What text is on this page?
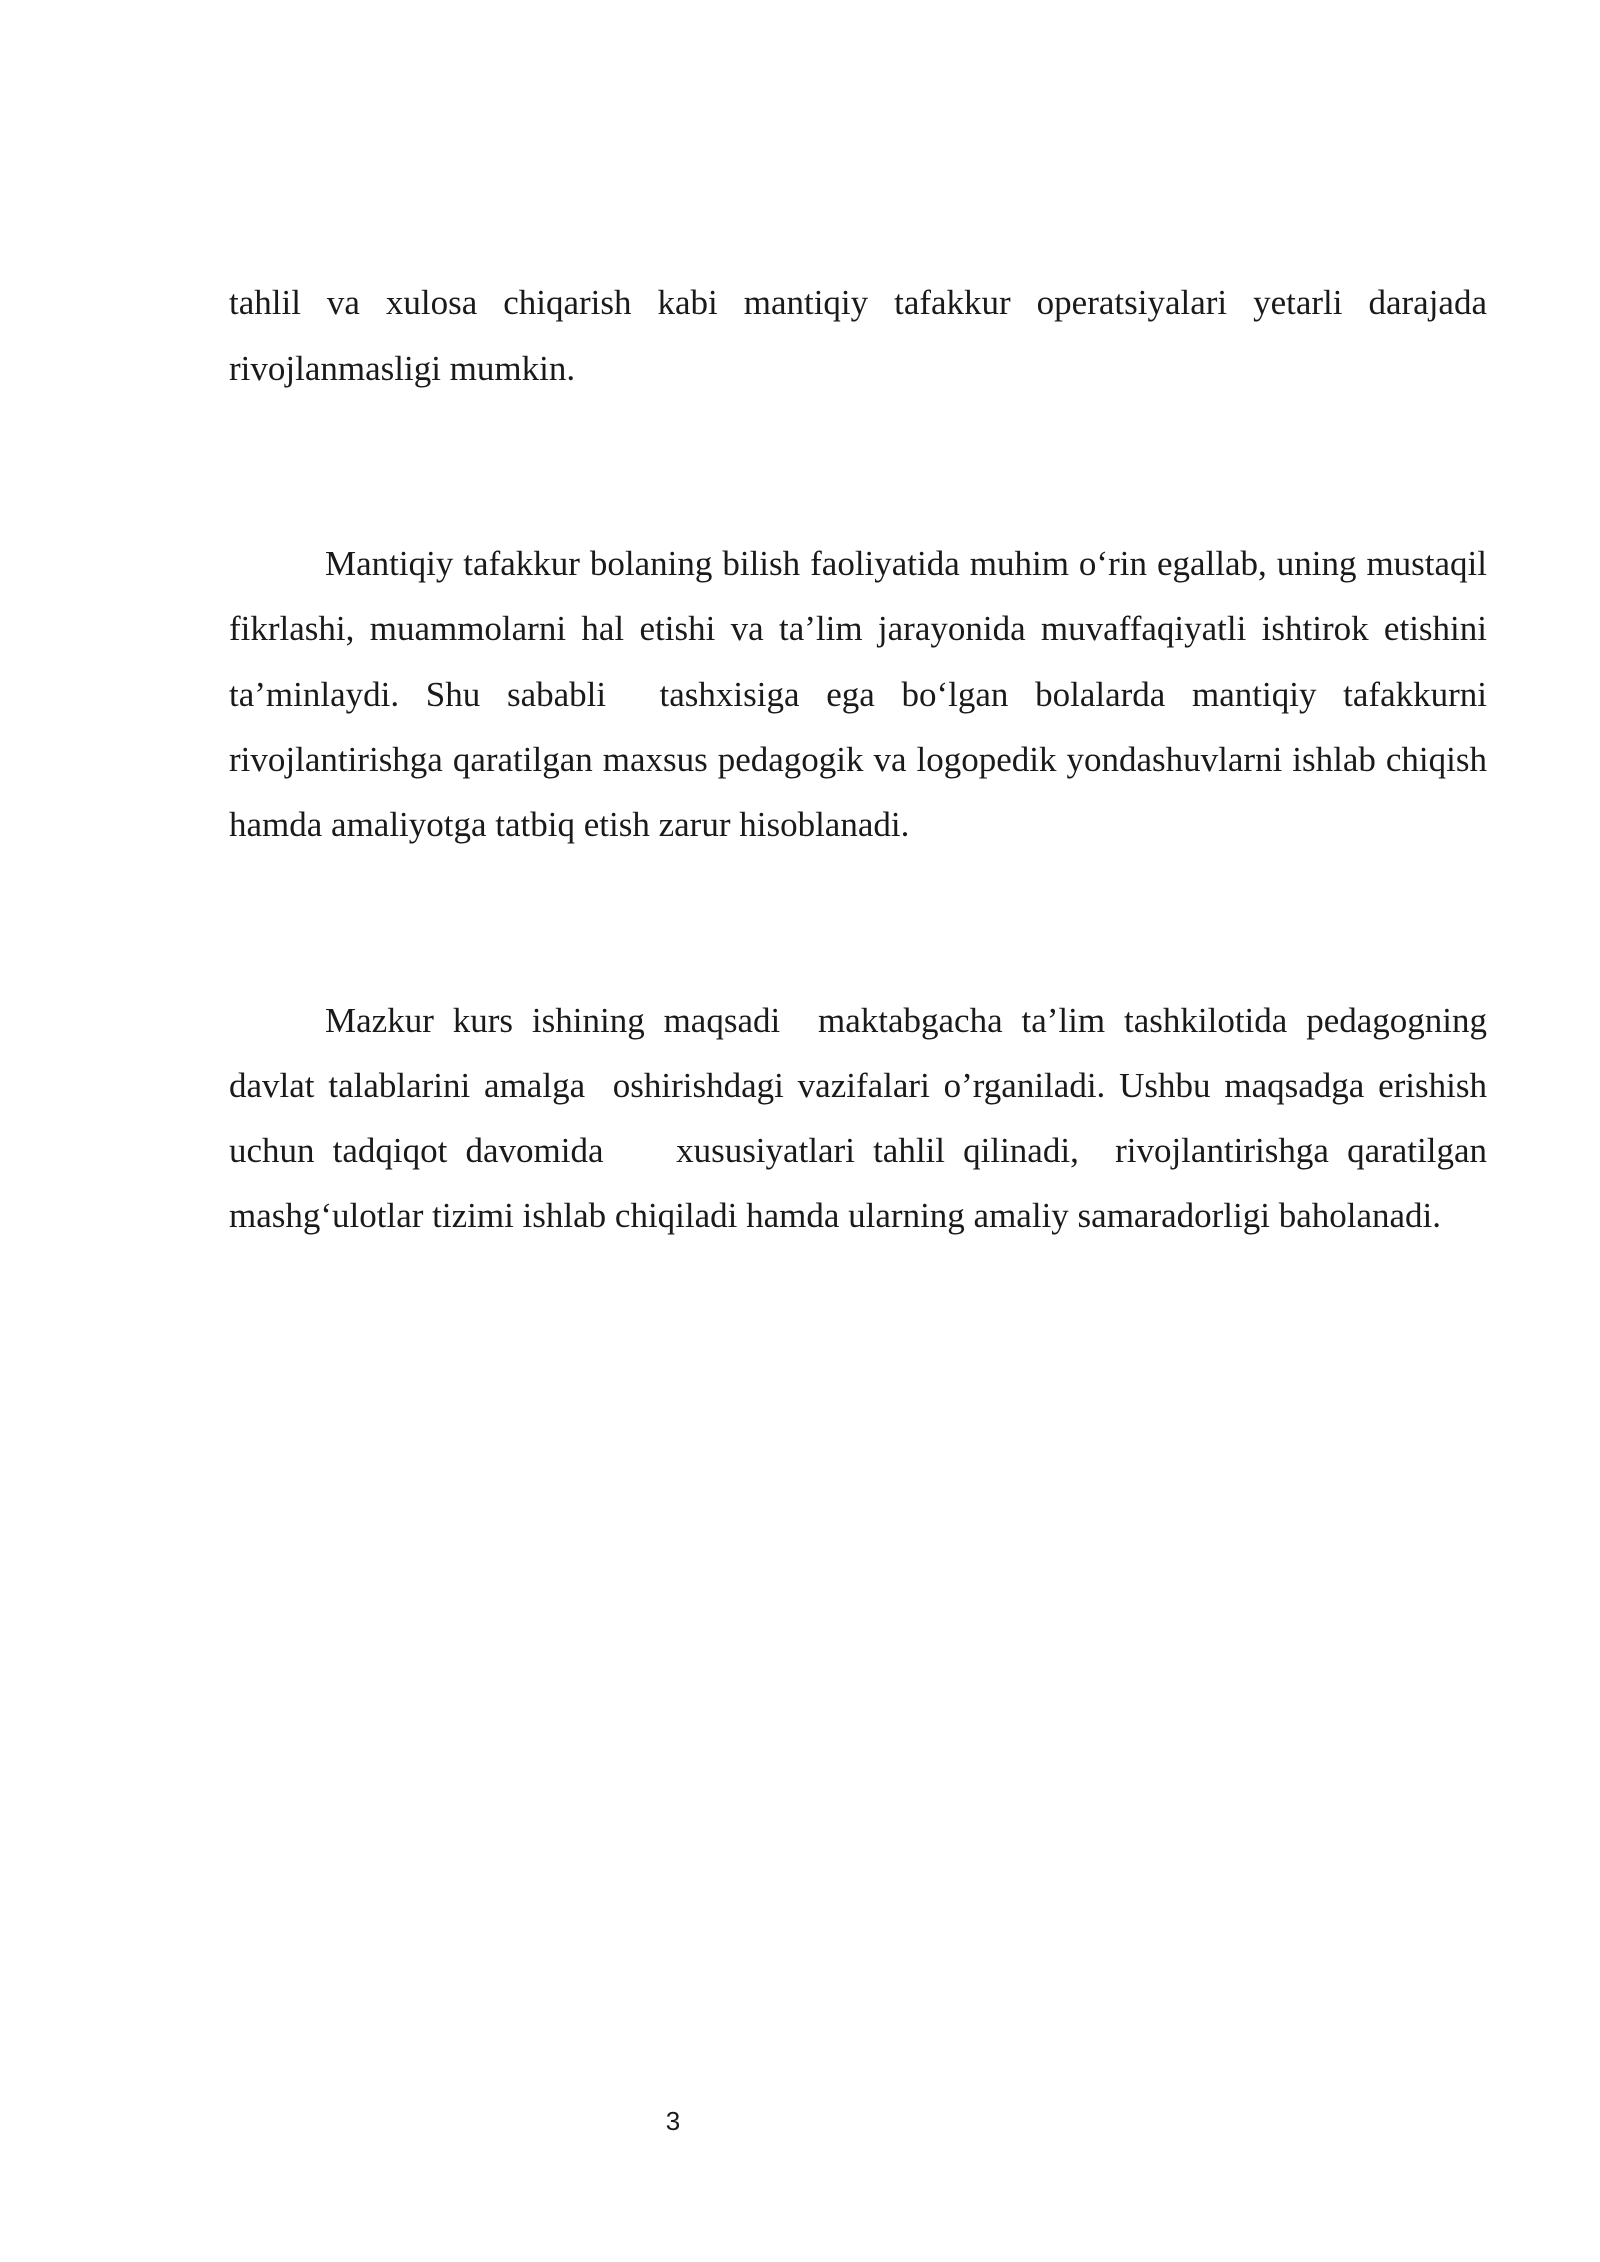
tahlil va xulosa chiqarish kabi mantiqiy tafakkur operatsiyalari yetarli darajada rivojlanmasligi mumkin.

Mantiqiy tafakkur bolaning bilish faoliyatida muhim o‘rin egallab, uning mustaqil fikrlashi, muammolarni hal etishi va ta’lim jarayonida muvaffaqiyatli ishtirok etishini ta’minlaydi. Shu sababli  tashxisiga ega bo‘lgan bolalarda mantiqiy tafakkurni rivojlantirishga qaratilgan maxsus pedagogik va logopedik yondashuvlarni ishlab chiqish hamda amaliyotga tatbiq etish zarur hisoblanadi.

Mazkur kurs ishining maqsadi  maktabgacha ta’lim tashkilotida pedagogning davlat talablarini amalga  oshirishdagi vazifalari o’rganiladi. Ushbu maqsadga erishish uchun tadqiqot davomida    xususiyatlari tahlil qilinadi,  rivojlantirishga qaratilgan mashg‘ulotlar tizimi ishlab chiqiladi hamda ularning amaliy samaradorligi baholanadi.

3
